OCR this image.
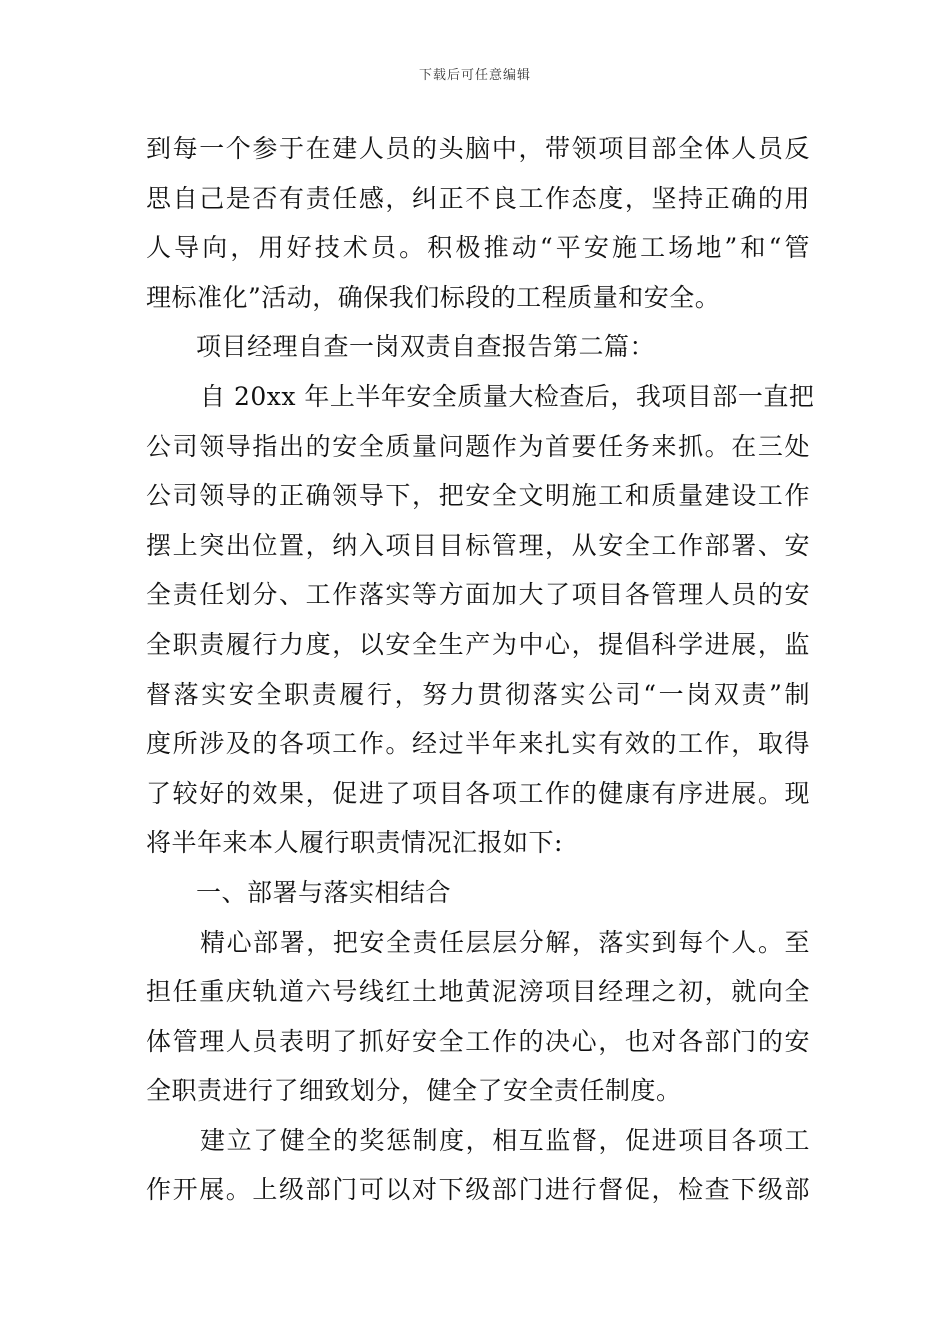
下载后可任意编辑
到每一个参于在建人员的头脑中，带领项目部全体人员反
思自己是否有责任感，纠正不良工作态度，坚持正确的用
人导向，用好技术员。积极推动“平安施工场地”和“管
理标准化”活动，确保我们标段的工程质量和安全。
项目经理自查一岗双责自查报告第二篇：
自 20xx 年上半年安全质量大检查后，我项目部一直把
公司领导指出的安全质量问题作为首要任务来抓。在三处
公司领导的正确领导下，把安全文明施工和质量建设工作
摆上突出位置，纳入项目目标管理，从安全工作部署、安
全责任划分、工作落实等方面加大了项目各管理人员的安
全职责履行力度，以安全生产为中心，提倡科学进展，监
督落实安全职责履行，努力贯彻落实公司“一岗双责”制
度所涉及的各项工作。经过半年来扎实有效的工作，取得
了较好的效果，促进了项目各项工作的健康有序进展。现
将半年来本人履行职责情况汇报如下:
一、部署与落实相结合
精心部署，把安全责任层层分解，落实到每个人。至
担任重庆轨道六号线红土地黄泥滂项目经理之初，就向全
体管理人员表明了抓好安全工作的决心，也对各部门的安
全职责进行了细致划分，健全了安全责任制度。
建立了健全的奖惩制度，相互监督，促进项目各项工
作开展。上级部门可以对下级部门进行督促，检查下级部
